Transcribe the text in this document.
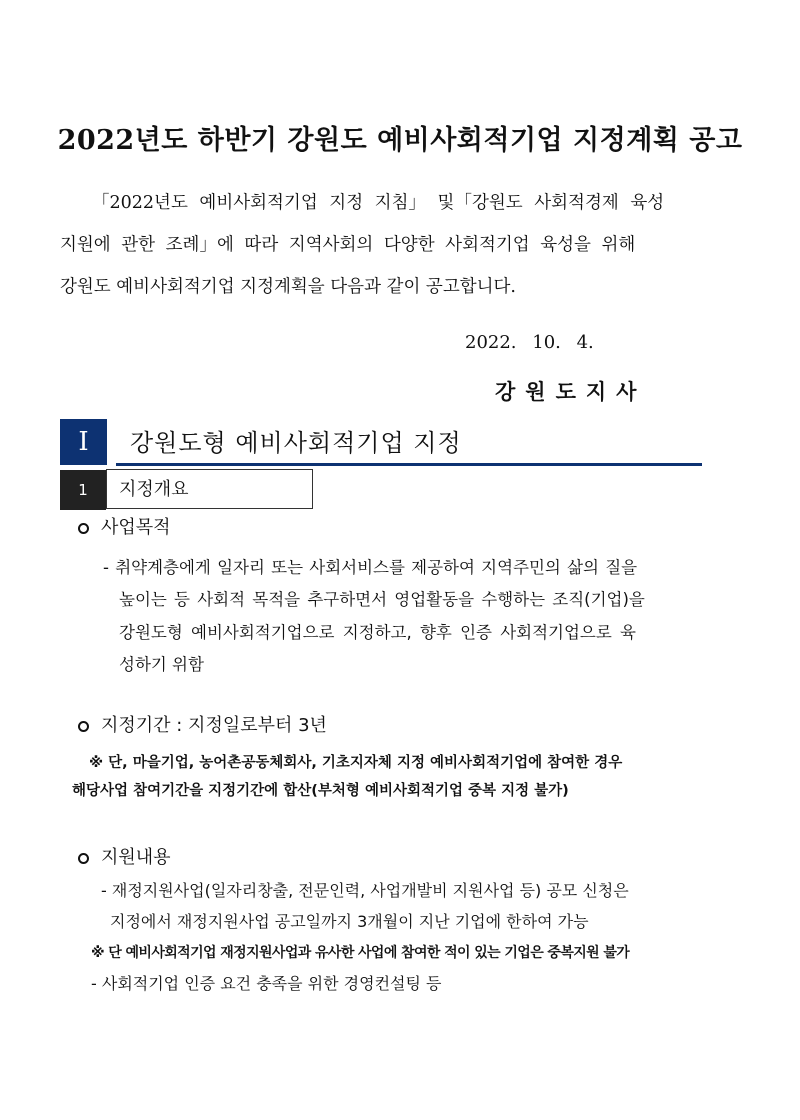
2022년도 하반기 강원도 예비사회적기업 지정계획 공고
「2022년도 예비사회적기업 지정 지침」 및「강원도 사회적경제 육성
지원에 관한 조례」에 따라 지역사회의 다양한 사회적기업 육성을 위해
강원도 예비사회적기업 지정계획을 다음과 같이 공고합니다.
2022. 10. 4.
강원도지사
I	강원도형 예비사회적기업 지정
1	지정개요
사업목적
- 취약계층에게 일자리 또는 사회서비스를 제공하여 지역주민의 삶의 질을
높이는 등 사회적 목적을 추구하면서 영업활동을 수행하는 조직(기업)을
강원도형 예비사회적기업으로 지정하고, 향후 인증 사회적기업으로 육
성하기 위함
지정기간 : 지정일로부터 3년
※ 단, 마을기업, 농어촌공동체회사, 기초지자체 지정 예비사회적기업에 참여한 경우
해당사업 참여기간을 지정기간에 합산(부처형 예비사회적기업 중복 지정 불가)
지원내용
- 재정지원사업(일자리창출, 전문인력, 사업개발비 지원사업 등) 공모 신청은
지정에서 재정지원사업 공고일까지 3개월이 지난 기업에 한하여 가능
※ 단 예비사회적기업 재정지원사업과 유사한 사업에 참여한 적이 있는 기업은 중복지원 불가
- 사회적기업 인증 요건 충족을 위한 경영컨설팅 등
